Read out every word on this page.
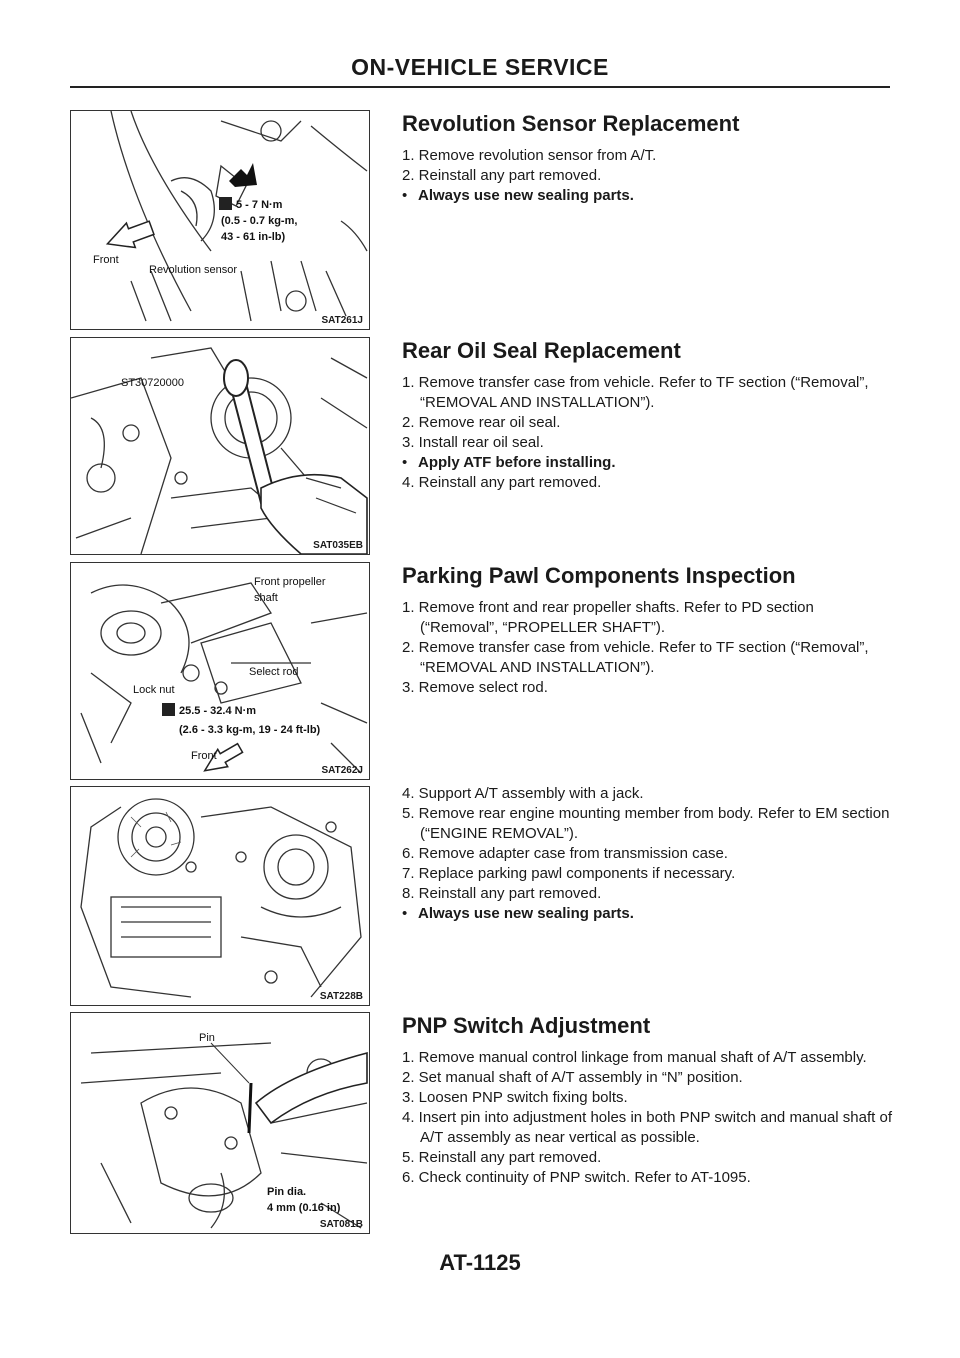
ON-VEHICLE SERVICE
5 - 7 N·m
(0.5 - 0.7 kg-m,
43 - 61 in-lb)
Front
Revolution sensor
SAT261J
Revolution Sensor Replacement
1. Remove revolution sensor from A/T.
2. Reinstall any part removed.
• Always use new sealing parts.
ST30720000
SAT035EB
Rear Oil Seal Replacement
1. Remove transfer case from vehicle. Refer to TF section (“Removal”, “REMOVAL AND INSTALLATION”).
2. Remove rear oil seal.
3. Install rear oil seal.
• Apply ATF before installing.
4. Reinstall any part removed.
Front propeller
shaft
Select rod
Lock nut
25.5 - 32.4 N·m
(2.6 - 3.3 kg-m, 19 - 24 ft-lb)
Front
SAT262J
Parking Pawl Components Inspection
1. Remove front and rear propeller shafts. Refer to PD section (“Removal”, “PROPELLER SHAFT”).
2. Remove transfer case from vehicle. Refer to TF section (“Removal”, “REMOVAL AND INSTALLATION”).
3. Remove select rod.
SAT228B
4. Support A/T assembly with a jack.
5. Remove rear engine mounting member from body. Refer to EM section (“ENGINE REMOVAL”).
6. Remove adapter case from transmission case.
7. Replace parking pawl components if necessary.
8. Reinstall any part removed.
• Always use new sealing parts.
Pin
Pin dia.
4 mm (0.16 in)
SAT081B
PNP Switch Adjustment
1. Remove manual control linkage from manual shaft of A/T assembly.
2. Set manual shaft of A/T assembly in “N” position.
3. Loosen PNP switch fixing bolts.
4. Insert pin into adjustment holes in both PNP switch and manual shaft of A/T assembly as near vertical as possible.
5. Reinstall any part removed.
6. Check continuity of PNP switch. Refer to AT-1095.
AT-1125
